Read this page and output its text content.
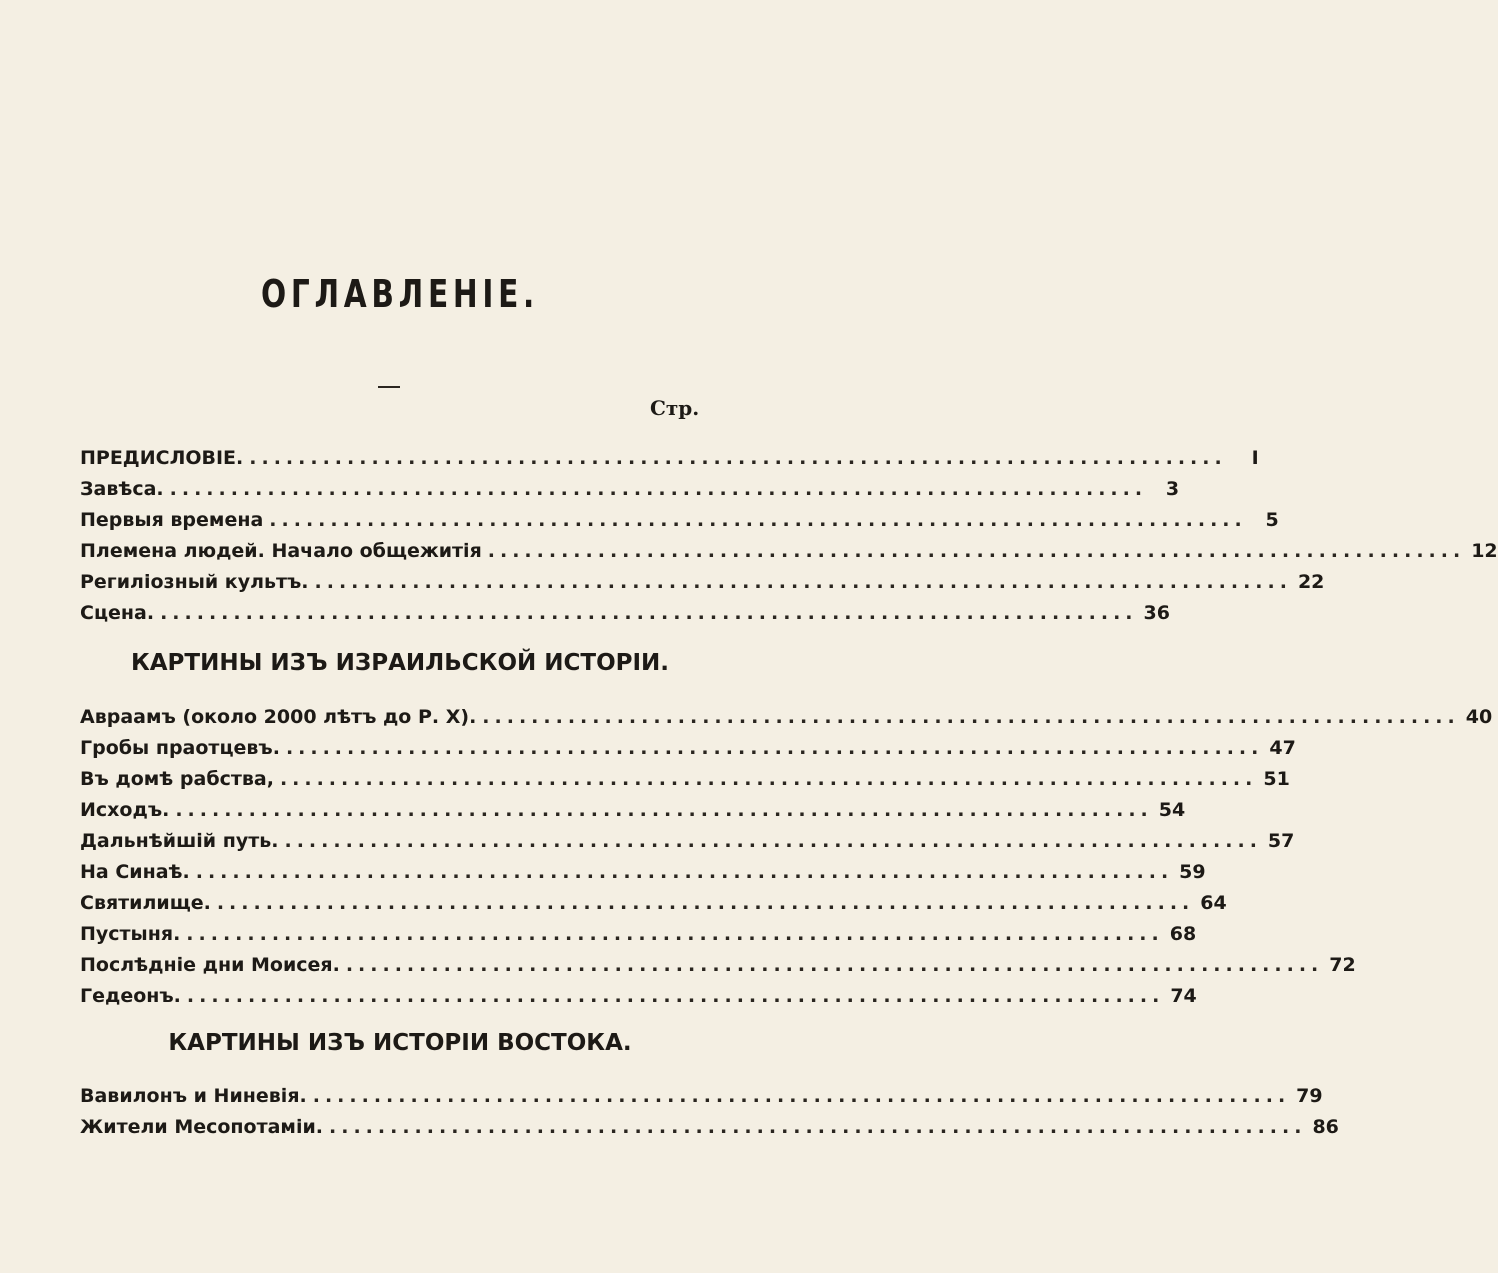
ОГЛАВЛЕНІЕ.
Стр.
ПРЕДИСЛОВІЕ. ................................................................................	I
Завѣса. ................................................................................ 3
Первыя времена ................................................................................ 5
Племена людей. Начало общежитія ................................................................................ 12
Регилiозный культъ. ................................................................................ 22
Сцена. ................................................................................ 36
КАРТИНЫ ИЗЪ ИЗРАИЛЬСКОЙ ИСТОРIИ.
Авраамъ (около 2000 лѣтъ до Р. Х). ................................................................................ 40
Гробы праотцевъ. ................................................................................ 47
Въ домѣ рабства, ................................................................................ 51
Исходъ. ................................................................................ 54
Дальнѣйшій путь. ................................................................................ 57
На Синаѣ. ................................................................................ 59
Святилище. ................................................................................ 64
Пустыня. ................................................................................ 68
Послѣдніе дни Моисея. ................................................................................ 72
Гедеонъ. ................................................................................ 74
КАРТИНЫ ИЗЪ ИСТОРIИ ВОСТОКА.
Вавилонъ и Ниневія. ................................................................................ 79
Жители Месопотаміи. ................................................................................ 86
